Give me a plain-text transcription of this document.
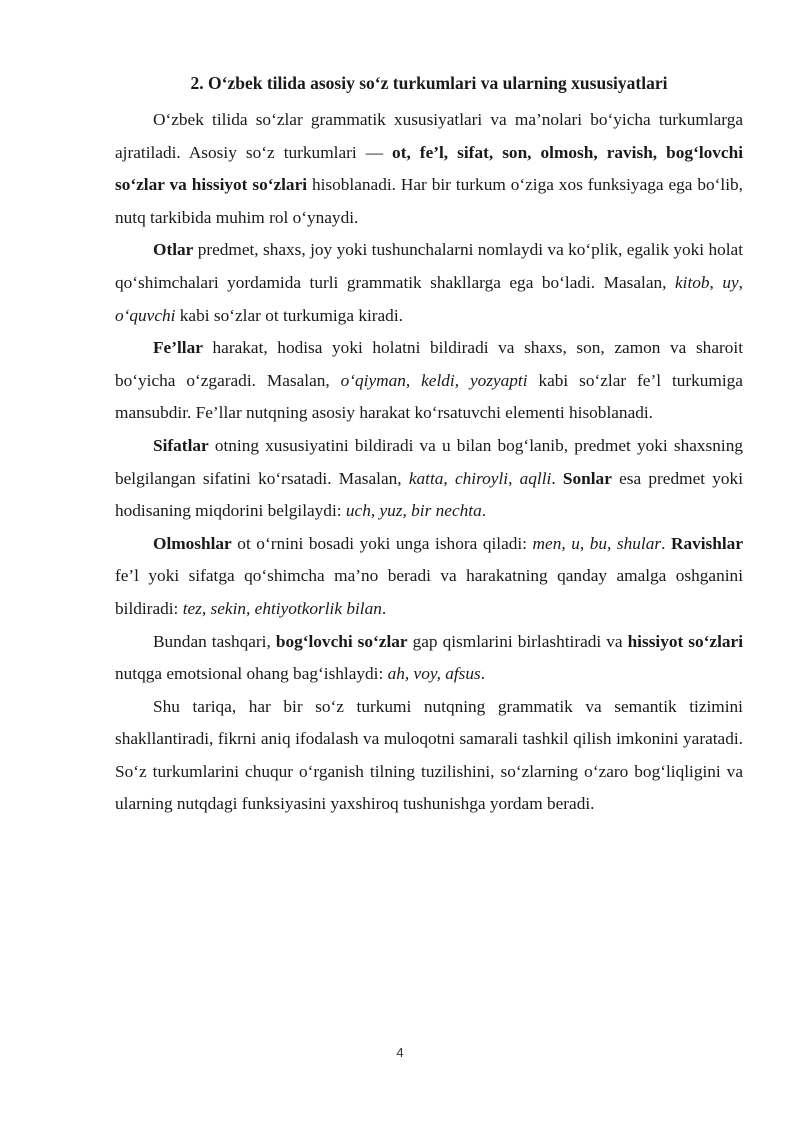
2. O‘zbek tilida asosiy so‘z turkumlari va ularning xususiyatlari

O‘zbek tilida so‘zlar grammatik xususiyatlari va ma’nolari bo‘yicha turkumlarga ajratiladi. Asosiy so‘z turkumlari — ot, fe’l, sifat, son, olmosh, ravish, bog‘lovchi so‘zlar va hissiyot so‘zlari hisoblanadi. Har bir turkum o‘ziga xos funksiyaga ega bo‘lib, nutq tarkibida muhim rol o‘ynaydi.

Otlar predmet, shaxs, joy yoki tushunchalarni nomlaydi va ko‘plik, egalik yoki holat qo‘shimchalari yordamida turli grammatik shakllarga ega bo‘ladi. Masalan, kitob, uy, o‘quvchi kabi so‘zlar ot turkumiga kiradi.

Fe’llar harakat, hodisa yoki holatni bildiradi va shaxs, son, zamon va sharoit bo‘yicha o‘zgaradi. Masalan, o‘qiyman, keldi, yozyapti kabi so‘zlar fe’l turkumiga mansubdir. Fe’llar nutqning asosiy harakat ko‘rsatuvchi elementi hisoblanadi.

Sifatlar otning xususiyatini bildiradi va u bilan bog‘lanib, predmet yoki shaxsning belgilangan sifatini ko‘rsatadi. Masalan, katta, chiroyli, aqlli. Sonlar esa predmet yoki hodisaning miqdorini belgilaydi: uch, yuz, bir nechta.

Olmoshlar ot o‘rnini bosadi yoki unga ishora qiladi: men, u, bu, shular. Ravishlar fe’l yoki sifatga qo‘shimcha ma’no beradi va harakatning qanday amalga oshganini bildiradi: tez, sekin, ehtiyotkorlik bilan.

Bundan tashqari, bog‘lovchi so‘zlar gap qismlarini birlashtiradi va hissiyot so‘zlari nutqga emotsional ohang bag‘ishlaydi: ah, voy, afsus.

Shu tariqa, har bir so‘z turkumi nutqning grammatik va semantik tizimini shakllantiradi, fikrni aniq ifodalash va muloqotni samarali tashkil qilish imkonini yaratadi. So‘z turkumlarini chuqur o‘rganish tilning tuzilishini, so‘zlarning o‘zaro bog‘liqligini va ularning nutqdagi funksiyasini yaxshiroq tushunishga yordam beradi.

4
